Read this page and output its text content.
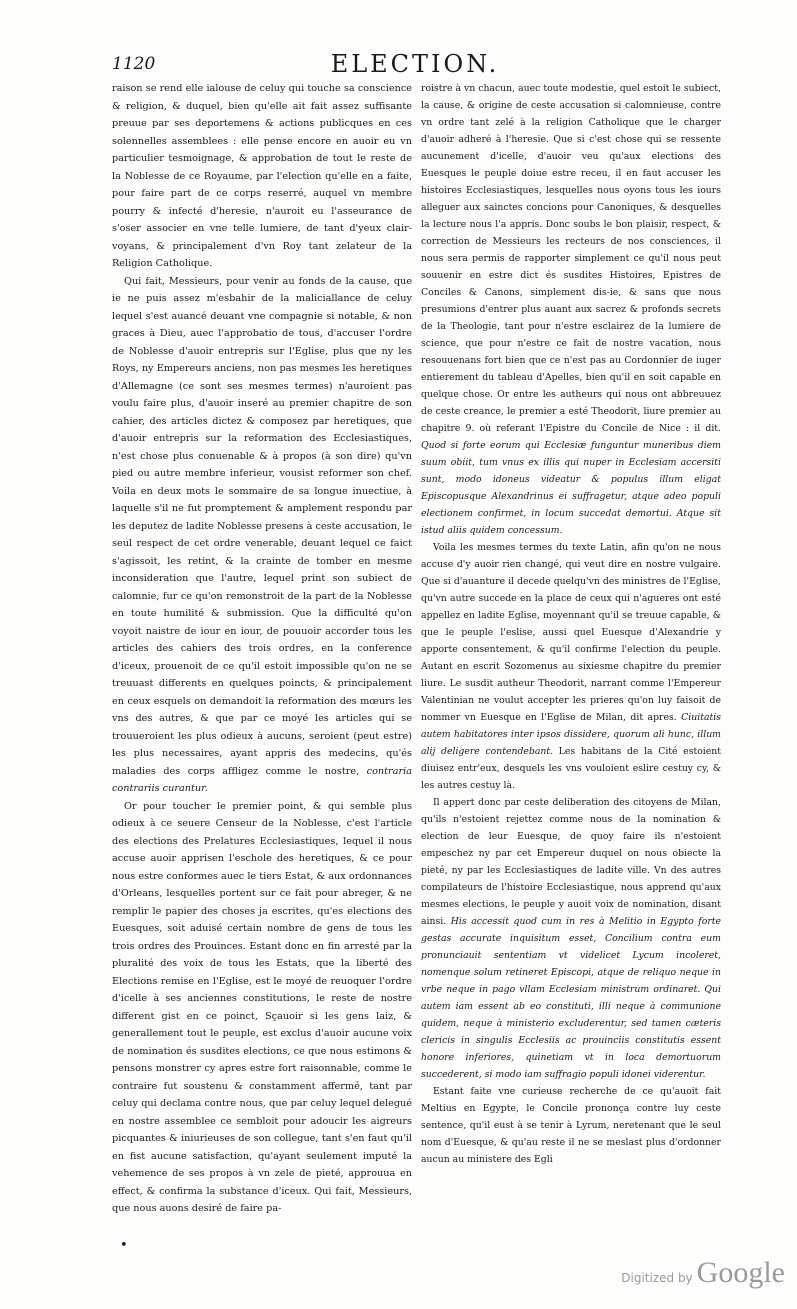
1120	ELECTION.

raison se rend elle ialouse de celuy qui touche sa conscience & religion, & duquel, bien qu'elle ait fait assez suffisante preuue par ses deportemens & actions publicques en ces solennelles assemblees : elle pense encore en auoir eu vn particulier tesmoignage, & approbation de tout le reste de la Noblesse de ce Royaume, par l'election qu'elle en a faite, pour faire part de ce corps reserré, auquel vn membre pourry & infecté d'heresie, n'auroit eu l'asseurance de s'oser associer en vne telle lumiere, de tant d'yeux clair-voyans, & principalement d'vn Roy tant zelateur de la Religion Catholique.

Qui fait, Messieurs, pour venir au fonds de la cause, que ie ne puis assez m'esbahir de la maliciallance de celuy lequel s'est auancé deuant vne compagnie si notable, & non graces à Dieu, auec l'approbatio de tous, d'accuser l'ordre de Noblesse d'auoir entrepris sur l'Eglise, plus que ny les Roys, ny Empereurs anciens, non pas mesmes les heretiques d'Allemagne (ce sont ses mesmes termes) n'auroient pas voulu faire plus, d'auoir inseré au premier chapitre de son cahier, des articles dictez & composez par heretiques, que d'auoir entrepris sur la reformation des Ecclesiastiques, n'est chose plus conuenable & à propos (à son dire) qu'vn pied ou autre membre inferieur, vousist reformer son chef. Voila en deux mots le sommaire de sa longue inuectiue, à laquelle s'il ne fut promptement & amplement respondu par les deputez de ladite Noblesse presens à ceste accusation, le seul respect de cet ordre venerable, deuant lequel ce faict s'agissoit, les retint, & la crainte de tomber en mesme inconsideration que l'autre, lequel print son subiect de calomnie, fur ce qu'on remonstroit de la part de la Noblesse en toute humilité & submission. Que la difficulté qu'on voyoit naistre de iour en iour, de pouuoir accorder tous les articles des cahiers des trois ordres, en la conference d'iceux, prouenoit de ce qu'il estoit impossible qu'on ne se treuuast differents en quelques poincts, & principalement en ceux esquels on demandoit la reformation des mœurs les vns des autres, & que par ce moyé les articles qui se trouueroient les plus odieux à aucuns, seroient (peut estre) les plus necessaires, ayant appris des medecins, qu'és maladies des corps affligez comme le nostre, contraria contrariis curantur.

Or pour toucher le premier point, & qui semble plus odieux à ce seuere Censeur de la Noblesse, c'est l'article des elections des Prelatures Ecclesiastiques, lequel il nous accuse auoir apprisen l'eschole des heretiques, & ce pour nous estre conformes auec le tiers Estat, & aux ordonnances d'Orleans, lesquelles portent sur ce fait pour abreger, & ne remplir le papier des choses ja escrites, qu'es elections des Euesques, soit aduisé certain nombre de gens de tous les trois ordres des Prouinces. Estant donc en fin arresté par la pluralité des voix de tous les Estats, que la liberté des Elections remise en l'Eglise, est le moyé de reuoquer l'ordre d'icelle à ses anciennes constitutions, le reste de nostre different gist en ce poinct, Sçauoir si les gens laiz, & generallement tout le peuple, est exclus d'auoir aucune voix de nomination és susdites elections, ce que nous estimons & pensons monstrer cy apres estre fort raisonnable, comme le contraire fut soustenu & constamment affermé, tant par celuy qui declama contre nous, que par celuy lequel delegué en nostre assemblee ce sembloit pour adoucir les aigreurs picquantes & iniurieuses de son collegue, tant s'en faut qu'il en fist aucune satisfaction, qu'ayant seulement imputé la vehemence de ses propos à vn zele de pieté, approuua en effect, & confirma la substance d'iceux. Qui fait, Messieurs, que nous auons desiré de faire pa-

roistre à vn chacun, auec toute modestie, quel estoit le subiect, la cause, & origine de ceste accusation si calomnieuse, contre vn ordre tant zelé à la religion Catholique que le charger d'auoir adheré à l'heresie. Que si c'est chose qui se ressente aucunement d'icelle, d'auoir veu qu'aux elections des Euesques le peuple doiue estre receu, il en faut accuser les histoires Ecclesiastiques, lesquelles nous oyons tous les iours alleguer aux sainctes concions pour Canoniques, & desquelles la lecture nous l'a appris. Donc soubs le bon plaisir, respect, & correction de Messieurs les recteurs de nos consciences, il nous sera permis de rapporter simplement ce qu'il nous peut souuenir en estre dict és susdites Histoires, Epistres de Conciles & Canons, simplement dis-ie, & sans que nous presumions d'entrer plus auant aux sacrez & profonds secrets de la Theologie, tant pour n'estre esclairez de la lumiere de science, que pour n'estre ce fait de nostre vacation, nous resouuenans fort bien que ce n'est pas au Cordonnier de iuger entierement du tableau d'Apelles, bien qu'il en soit capable en quelque chose. Or entre les autheurs qui nous ont abbreuuez de ceste creance, le premier a esté Theodorit, liure premier au chapitre 9. où referant l'Epistre du Concile de Nice : il dit. Quod si forte eorum qui Ecclesiæ funguntur muneribus diem suum obiit, tum vnus ex illis qui nuper in Ecclesiam accersiti sunt, modo idoneus videatur & populus illum eligat Episcopusque Alexandrinus ei suffragetur, atque adeo populi electionem confirmet, in locum succedat demortui. Atque sit istud aliis quidem concessum.

Voila les mesmes termes du texte Latin, afin qu'on ne nous accuse d'y auoir rien changé, qui veut dire en nostre vulgaire. Que si d'auanture il decede quelqu'vn des ministres de l'Eglise, qu'vn autre succede en la place de ceux qui n'agueres ont esté appellez en ladite Eglise, moyennant qu'il se treuue capable, & que le peuple l'eslise, aussi quel Euesque d'Alexandrie y apporte consentement, & qu'il confirme l'election du peuple. Autant en escrit Sozomenus au sixiesme chapitre du premier liure. Le susdit autheur Theodorit, narrant comme l'Empereur Valentinian ne voulut accepter les prieres qu'on luy faisoit de nommer vn Euesque en l'Eglise de Milan, dit apres. Ciuitatis autem habitatores inter ipsos dissidere, quorum ali hunc, illum alij deligere contendebant. Les habitans de la Cité estoient diuisez entr'eux, desquels les vns vouloient eslire cestuy cy, & les autres cestuy là.

Il appert donc par ceste deliberation des citoyens de Milan, qu'ils n'estoient rejettez comme nous de la nomination & election de leur Euesque, de quoy faire ils n'estoient empeschez ny par cet Empereur duquel on nous obiecte la pieté, ny par les Ecclesiastiques de ladite ville. Vn des autres compilateurs de l'histoire Ecclesiastique, nous apprend qu'aux mesmes elections, le peuple y auoit voix de nomination, disant ainsi. His accessit quod cum in res à Melitio in Egypto forte gestas accurate inquisitum esset, Concilium contra eum pronunciauit sententiam vt videlicet Lycum incoleret, nomenque solum retineret Episcopi, atque de reliquo neque in vrbe neque in pago vllam Ecclesiam ministrum ordinaret. Qui autem iam essent ab eo constituti, illi neque à communione quidem, neque à ministerio excluderentur, sed tamen cæteris clericis in singulis Ecclesiis ac prouinciis constitutis essent honore inferiores, quinetiam vt in loca demortuorum succederent, si modo iam suffragio populi idonei viderentur.

Estant faite vne curieuse recherche de ce qu'auoit fait Meltius en Egypte, le Concile prononça contre luy ceste sentence, qu'il eust à se tenir à Lyrum, neretenant que le seul nom d'Euesque, & qu'au reste il ne se meslast plus d'ordonner aucun au ministere des Egli

•
Digitized by Google
